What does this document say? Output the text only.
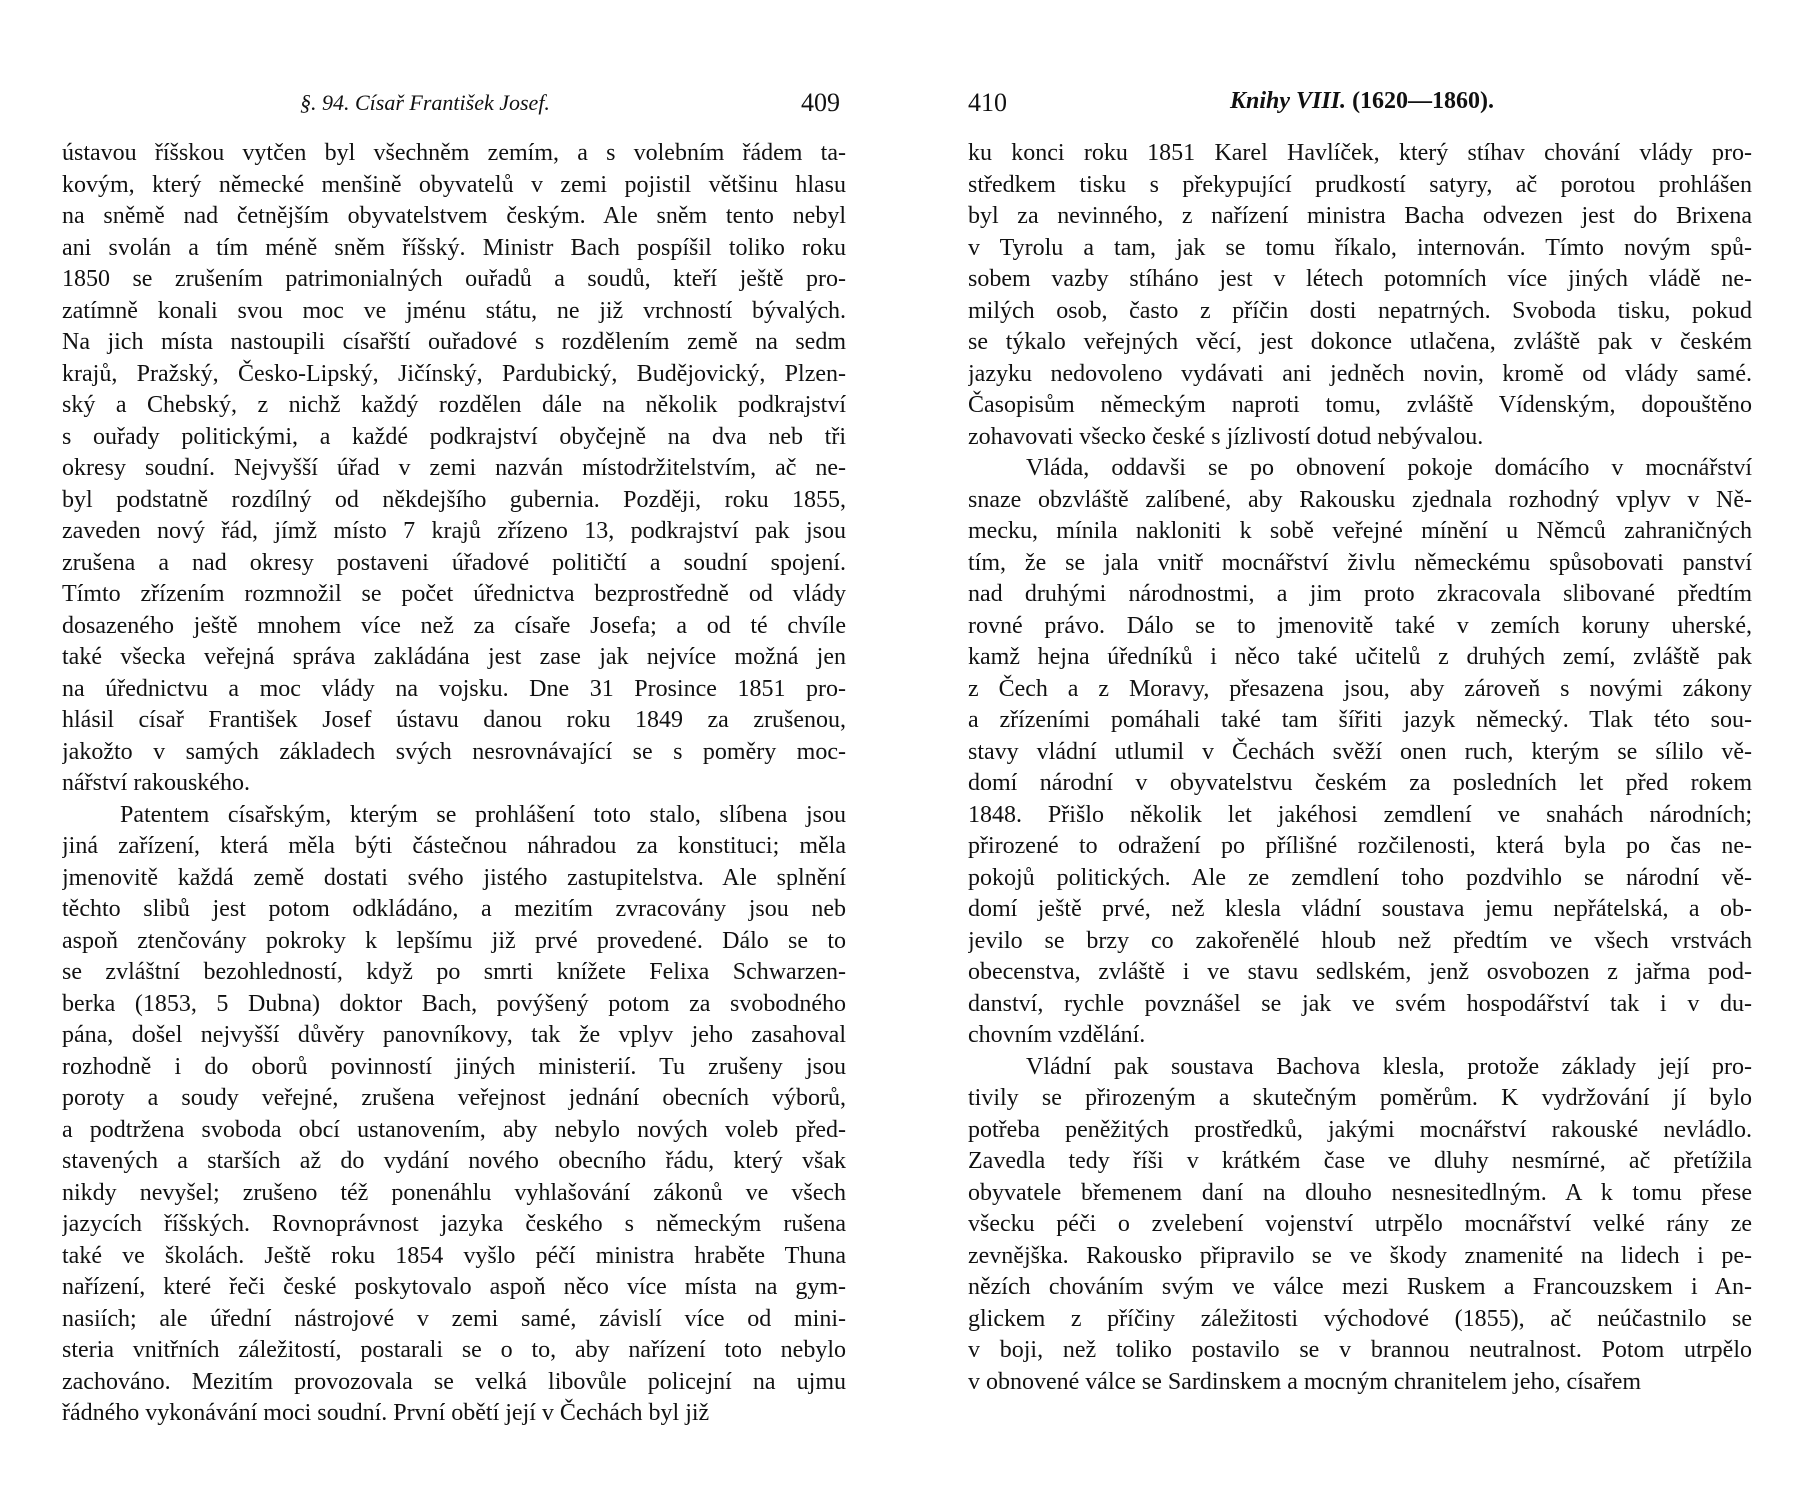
§. 94. Císař František Josef.	409
ústavou říšskou vytčen byl všechněm zemím, a s volebním řádem ta-
kovým, který německé menšině obyvatelů v zemi pojistil většinu hlasu
na sněmě nad četnějším obyvatelstvem českým. Ale sněm tento nebyl
ani svolán a tím méně sněm říšský. Ministr Bach pospíšil toliko roku
1850 se zrušením patrimonialných ouřadů a soudů, kteří ještě pro-
zatímně konali svou moc ve jménu státu, ne již vrchností bývalých.
Na jich místa nastoupili císařští ouřadové s rozdělením země na sedm
krajů, Pražský, Česko-Lipský, Jičínský, Pardubický, Budějovický, Plzen-
ský a Chebský, z nichž každý rozdělen dále na několik podkrajství
s ouřady politickými, a každé podkrajství obyčejně na dva neb tři
okresy soudní. Nejvyšší úřad v zemi nazván místodržitelstvím, ač ne-
byl podstatně rozdílný od někdejšího gubernia. Později, roku 1855,
zaveden nový řád, jímž místo 7 krajů zřízeno 13, podkrajství pak jsou
zrušena a nad okresy postaveni úřadové političtí a soudní spojení.
Tímto zřízením rozmnožil se počet úřednictva bezprostředně od vlády
dosazeného ještě mnohem více než za císaře Josefa; a od té chvíle
také všecka veřejná správa zakládána jest zase jak nejvíce možná jen
na úřednictvu a moc vlády na vojsku. Dne 31 Prosince 1851 pro-
hlásil císař František Josef ústavu danou roku 1849 za zrušenou,
jakožto v samých základech svých nesrovnávající se s poměry moc-
nářství rakouského.
Patentem císařským, kterým se prohlášení toto stalo, slíbena jsou
jiná zařízení, která měla býti částečnou náhradou za konstituci; měla
jmenovitě každá země dostati svého jistého zastupitelstva. Ale splnění
těchto slibů jest potom odkládáno, a mezitím zvracovány jsou neb
aspoň ztenčovány pokroky k lepšímu již prvé provedené. Dálo se to
se zvláštní bezohledností, když po smrti knížete Felixa Schwarzen-
berka (1853, 5 Dubna) doktor Bach, povýšený potom za svobodného
pána, došel nejvyšší důvěry panovníkovy, tak že vplyv jeho zasahoval
rozhodně i do oborů povinností jiných ministerií. Tu zrušeny jsou
poroty a soudy veřejné, zrušena veřejnost jednání obecních výborů,
a podtržena svoboda obcí ustanovením, aby nebylo nových voleb před-
stavených a starších až do vydání nového obecního řádu, který však
nikdy nevyšel; zrušeno též ponenáhlu vyhlašování zákonů ve všech
jazycích říšských. Rovnoprávnost jazyka českého s německým rušena
také ve školách. Ještě roku 1854 vyšlo péčí ministra hraběte Thuna
nařízení, které řeči české poskytovalo aspoň něco více místa na gym-
nasiích; ale úřední nástrojové v zemi samé, závislí více od mini-
steria vnitřních záležitostí, postarali se o to, aby nařízení toto nebylo
zachováno. Mezitím provozovala se velká libovůle policejní na ujmu
řádného vykonávání moci soudní. První obětí její v Čechách byl již
410	Knihy VIII. (1620—1860).
ku konci roku 1851 Karel Havlíček, který stíhav chování vlády pro-
středkem tisku s překypující prudkostí satyry, ač porotou prohlášen
byl za nevinného, z nařízení ministra Bacha odvezen jest do Brixena
v Tyrolu a tam, jak se tomu říkalo, internován. Tímto novým spů-
sobem vazby stíháno jest v létech potomních více jiných vládě ne-
milých osob, často z příčin dosti nepatrných. Svoboda tisku, pokud
se týkalo veřejných věcí, jest dokonce utlačena, zvláště pak v českém
jazyku nedovoleno vydávati ani jedněch novin, kromě od vlády samé.
Časopisům německým naproti tomu, zvláště Vídenským, dopouštěno
zohavovati všecko české s jízlivostí dotud nebývalou.
Vláda, oddavši se po obnovení pokoje domácího v mocnářství
snaze obzvláště zalíbené, aby Rakousku zjednala rozhodný vplyv v Ně-
mecku, mínila nakloniti k sobě veřejné mínění u Němců zahraničných
tím, že se jala vnitř mocnářství živlu německému spůsobovati panství
nad druhými národnostmi, a jim proto zkracovala slibované předtím
rovné právo. Dálo se to jmenovitě také v zemích koruny uherské,
kamž hejna úředníků i něco také učitelů z druhých zemí, zvláště pak
z Čech a z Moravy, přesazena jsou, aby zároveň s novými zákony
a zřízeními pomáhali také tam šířiti jazyk německý. Tlak této sou-
stavy vládní utlumil v Čechách svěží onen ruch, kterým se sílilo vě-
domí národní v obyvatelstvu českém za posledních let před rokem
1848. Přišlo několik let jakéhosi zemdlení ve snahách národních;
přirozené to odražení po přílišné rozčilenosti, která byla po čas ne-
pokojů politických. Ale ze zemdlení toho pozdvihlo se národní vě-
domí ještě prvé, než klesla vládní soustava jemu nepřátelská, a ob-
jevilo se brzy co zakořenělé hloub než předtím ve všech vrstvách
obecenstva, zvláště i ve stavu sedlském, jenž osvobozen z jařma pod-
danství, rychle povznášel se jak ve svém hospodářství tak i v du-
chovním vzdělání.
Vládní pak soustava Bachova klesla, protože základy její pro-
tivily se přirozeným a skutečným poměrům. K vydržování jí bylo
potřeba peněžitých prostředků, jakými mocnářství rakouské nevládlo.
Zavedla tedy říši v krátkém čase ve dluhy nesmírné, ač přetížila
obyvatele břemenem daní na dlouho nesnesitedlným. A k tomu přese
všecku péči o zvelebení vojenství utrpělo mocnářství velké rány ze
zevnějška. Rakousko připravilo se ve škody znamenité na lidech i pe-
nězích chováním svým ve válce mezi Ruskem a Francouzskem i An-
glickem z příčiny záležitosti východové (1855), ač neúčastnilo se
v boji, než toliko postavilo se v brannou neutralnost. Potom utrpělo
v obnovené válce se Sardinskem a mocným chranitelem jeho, císařem
